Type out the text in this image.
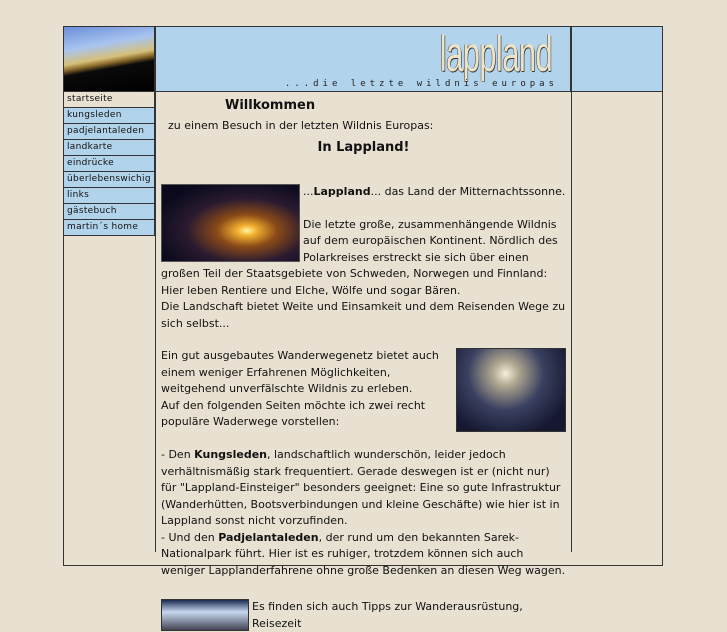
lappland
...die letzte wildnis europas
startseite
kungsleden
padjelantaleden
landkarte
eindrücke
überlebenswichig
links
gästebuch
martin´s home
Willkommen
zu einem Besuch in der letzten Wildnis Europas:
In Lappland!

...Lappland... das Land der Mitternachtssonne.

Die letzte große, zusammenhängende Wildnis auf dem europäischen Kontinent. Nördlich des Polarkreises erstreckt sie sich über einen großen Teil der Staatsgebiete von Schweden, Norwegen und Finnland: Hier leben Rentiere und Elche, Wölfe und sogar Bären.

Die Landschaft bietet Weite und Einsamkeit und dem Reisenden Wege zu sich selbst...

Ein gut ausgebautes Wanderwegenetz bietet auch einem weniger Erfahrenen Möglichkeiten, weitgehend unverfälschte Wildnis zu erleben.

Auf den folgenden Seiten möchte ich zwei recht populäre Waderwege vorstellen:

- Den Kungsleden, landschaftlich wunderschön, leider jedoch verhältnismäßig stark frequentiert. Gerade deswegen ist er (nicht nur) für "Lappland-Einsteiger" besonders geeignet: Eine so gute Infrastruktur (Wanderhütten, Bootsverbindungen und kleine Geschäfte) wie hier ist in Lappland sonst nicht vorzufinden.

- Und den Padjelantaleden, der rund um den bekannten Sarek-Nationalpark führt. Hier ist es ruhiger, trotzdem können sich auch weniger Lapplanderfahrene ohne große Bedenken an diesen Weg wagen.

Es finden sich auch Tipps zur Wanderausrüstung, Reisezeit
